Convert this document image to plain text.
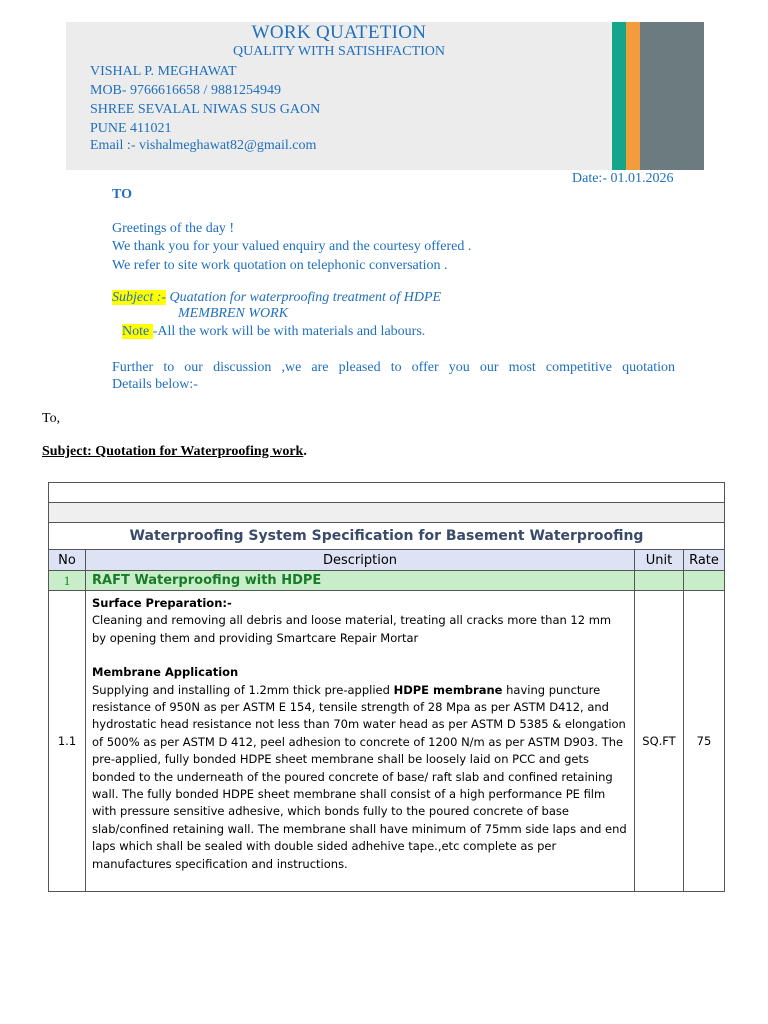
WORK QUATETION
QUALITY WITH SATISHFACTION
VISHAL P. MEGHAWAT
MOB- 9766616658 / 9881254949
SHREE SEVALAL NIWAS SUS GAON
PUNE 411021
Email :- vishalmeghawat82@gmail.com
Date:- 01.01.2026
TO
Greetings of the day !
We thank you for your valued enquiry and the courtesy offered .
We refer to site work quotation on telephonic conversation .
Subject :- Quatation for waterproofing treatment of HDPE
MEMBREN WORK
Note -All the work will be with materials and labours.
Further to our discussion ,we are pleased to offer you our most competitive quotation
Details below:-
To,
Subject: Quotation for Waterproofing work.

Waterproofing System Specification for Basement Waterproofing			
No	Description	Unit	Rate
1	RAFT Waterproofing with HDPE		
1.1	Surface Preparation:-
Cleaning and removing all debris and loose material, treating all cracks more than 12 mm by opening them and providing Smartcare Repair Mortar
Membrane Application
Supplying and installing of 1.2mm thick pre-applied HDPE membrane having puncture resistance of 950N as per ASTM E 154, tensile strength of 28 Mpa as per ASTM D412, and hydrostatic head resistance not less than 70m water head as per ASTM D 5385 & elongation of 500% as per ASTM D 412, peel adhesion to concrete of 1200 N/m as per ASTM D903. The pre-applied, fully bonded HDPE sheet membrane shall be loosely laid on PCC and gets bonded to the underneath of the poured concrete of base/ raft slab and confined retaining wall. The fully bonded HDPE sheet membrane shall consist of a high performance PE film with pressure sensitive adhesive, which bonds fully to the poured concrete of base slab/confined retaining wall. The membrane shall have minimum of 75mm side laps and end laps which shall be sealed with double sided adhehive tape.,etc complete as per manufactures specification and instructions.	SQ.FT	75
